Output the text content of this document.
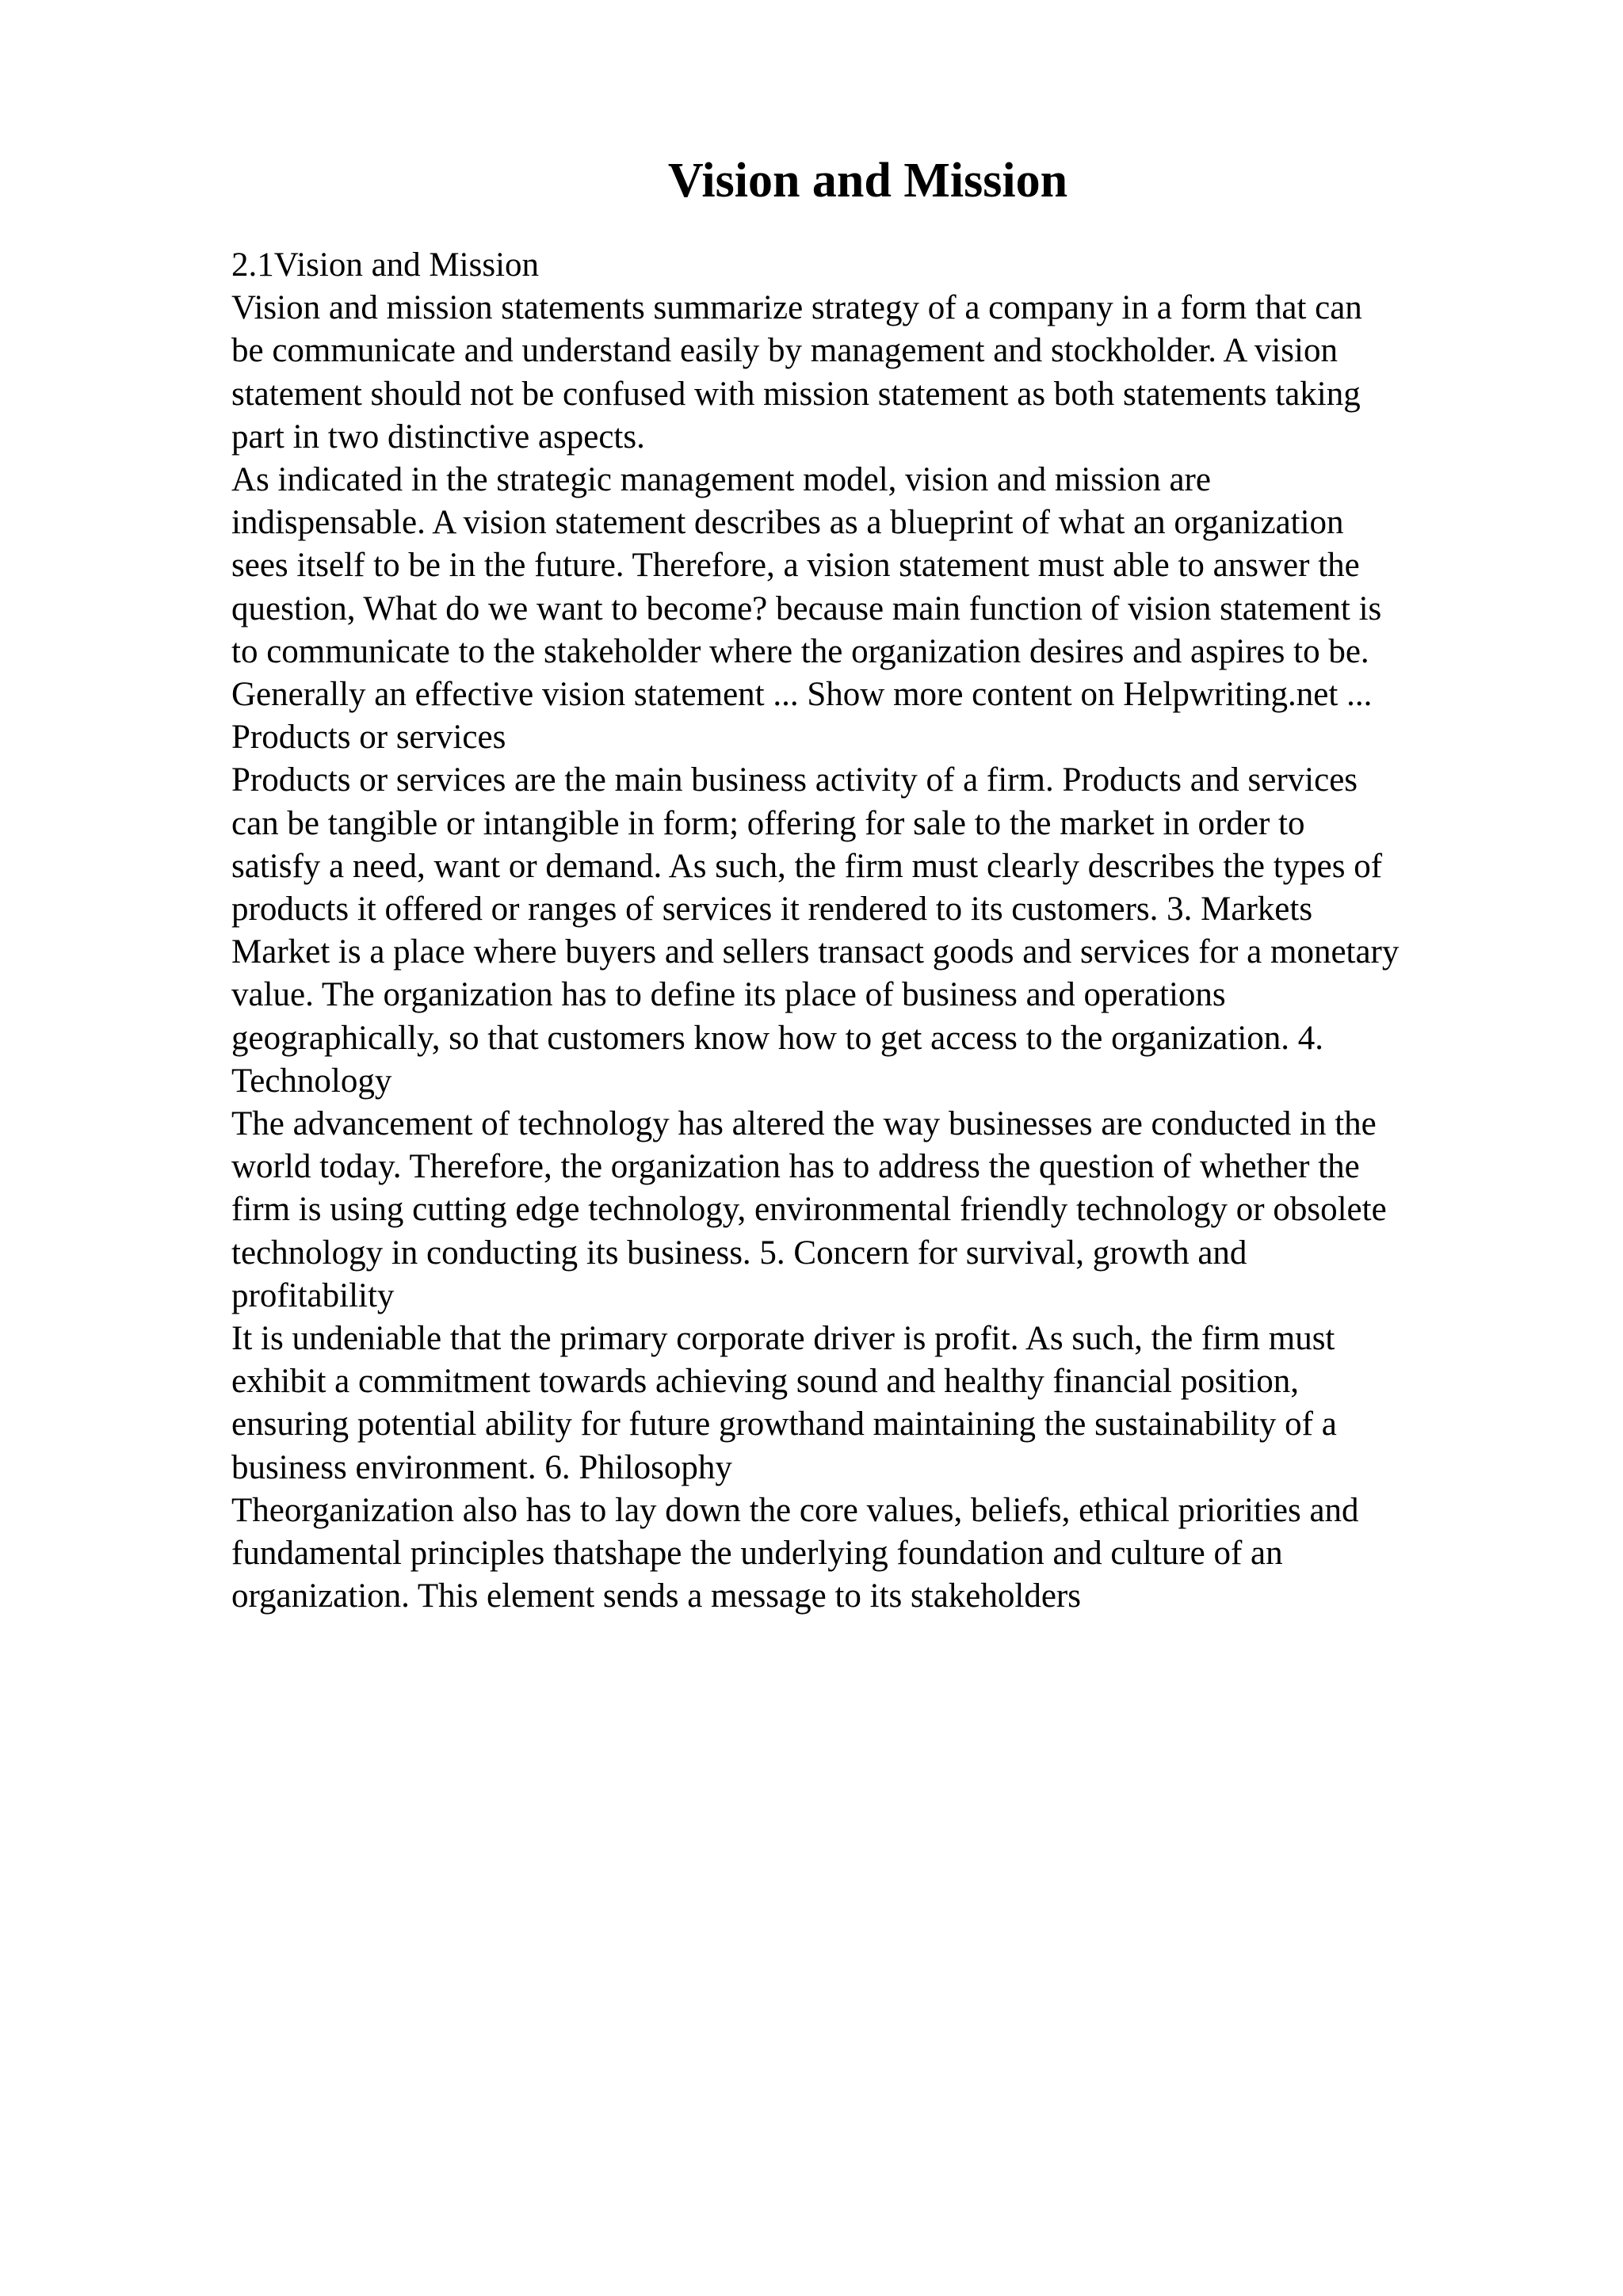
Vision and Mission
2.1Vision and Mission
Vision and mission statements summarize strategy of a company in a form that can
be communicate and understand easily by management and stockholder. A vision
statement should not be confused with mission statement as both statements taking
part in two distinctive aspects.
As indicated in the strategic management model, vision and mission are
indispensable. A vision statement describes as a blueprint of what an organization
sees itself to be in the future. Therefore, a vision statement must able to answer the
question, What do we want to become? because main function of vision statement is
to communicate to the stakeholder where the organization desires and aspires to be.
Generally an effective vision statement ... Show more content on Helpwriting.net ...
Products or services
Products or services are the main business activity of a firm. Products and services
can be tangible or intangible in form; offering for sale to the market in order to
satisfy a need, want or demand. As such, the firm must clearly describes the types of
products it offered or ranges of services it rendered to its customers. 3. Markets
Market is a place where buyers and sellers transact goods and services for a monetary
value. The organization has to define its place of business and operations
geographically, so that customers know how to get access to the organization. 4.
Technology
The advancement of technology has altered the way businesses are conducted in the
world today. Therefore, the organization has to address the question of whether the
firm is using cutting edge technology, environmental friendly technology or obsolete
technology in conducting its business. 5. Concern for survival, growth and
profitability
It is undeniable that the primary corporate driver is profit. As such, the firm must
exhibit a commitment towards achieving sound and healthy financial position,
ensuring potential ability for future growthand maintaining the sustainability of a
business environment. 6. Philosophy
Theorganization also has to lay down the core values, beliefs, ethical priorities and
fundamental principles thatshape the underlying foundation and culture of an
organization. This element sends a message to its stakeholders
